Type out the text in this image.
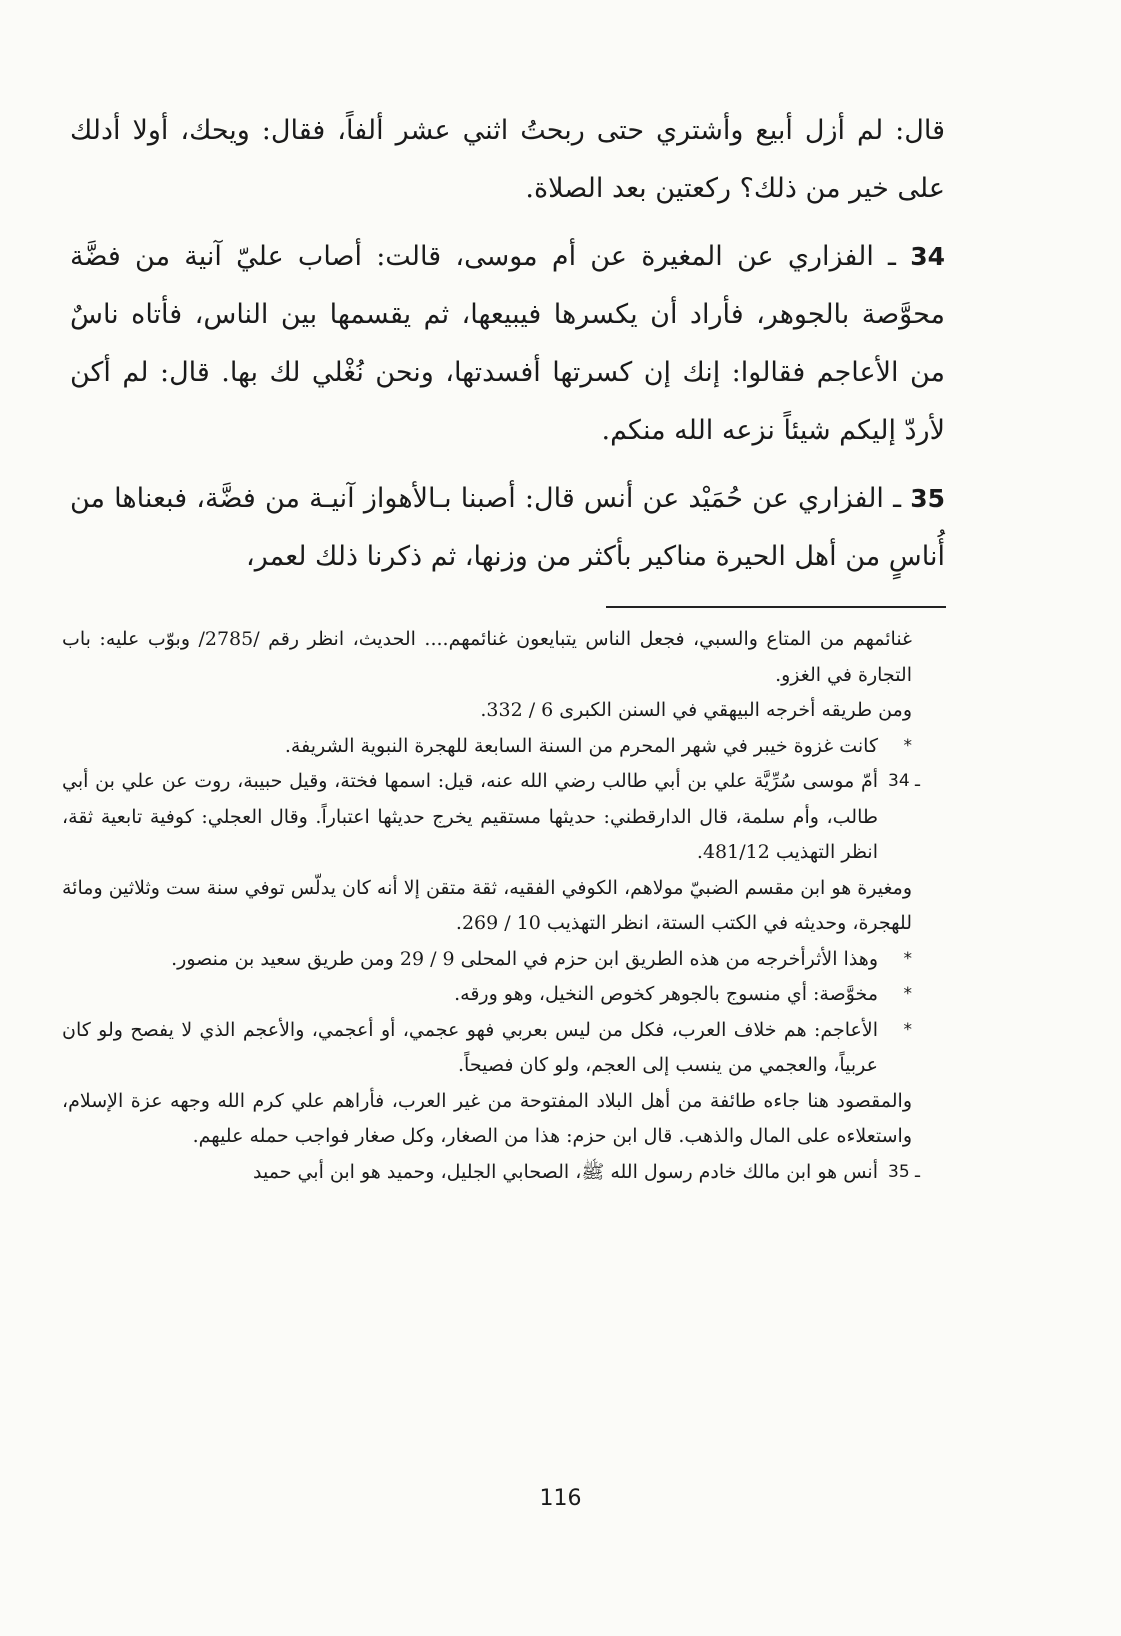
قال: لم أزل أبيع وأشتري حتى ربحتُ اثني عشر ألفاً، فقال: ويحك، أولا أدلك على خير من ذلك؟ ركعتين بعد الصلاة.

34 ـ الفزاري عن المغيرة عن أم موسى، قالت: أصاب عليّ آنية من فضَّة محوَّصة بالجوهر، فأراد أن يكسرها فيبيعها، ثم يقسمها بين الناس، فأتاه ناسٌ من الأعاجم فقالوا: إنك إن كسرتها أفسدتها، ونحن نُغْلي لك بها. قال: لم أكن لأردّ إليكم شيئاً نزعه الله منكم.

35 ـ الفزاري عن حُمَيْد عن أنس قال: أصبنا بـالأهواز آنيـة من فضَّة، فبعناها من أُناسٍ من أهل الحيرة مناكير بأكثر من وزنها، ثم ذكرنا ذلك لعمر،

غنائمهم من المتاع والسبي، فجعل الناس يتبايعون غنائمهم.... الحديث، انظر رقم /2785/ وبوّب عليه: باب التجارة في الغزو.

ومن طريقه أخرجه البيهقي في السنن الكبرى 6 / 332.

*
كانت غزوة خيبر في شهر المحرم من السنة السابعة للهجرة النبوية الشريفة.
34 ـ
أمّ موسى سُرِّيَّة علي بن أبي طالب رضي الله عنه، قيل: اسمها فختة، وقيل حبيبة، روت عن علي بن أبي طالب، وأم سلمة، قال الدارقطني: حديثها مستقيم يخرج حديثها اعتباراً. وقال العجلي: كوفية تابعية ثقة، انظر التهذيب 481/12.

ومغيرة هو ابن مقسم الضبيّ مولاهم، الكوفي الفقيه، ثقة متقن إلا أنه كان يدلّس توفي سنة ست وثلاثين ومائة للهجرة، وحديثه في الكتب الستة، انظر التهذيب 10 / 269.

*
وهذا الأثرأخرجه من هذه الطريق ابن حزم في المحلى 9 / 29 ومن طريق سعيد بن منصور.
*
مخوَّصة: أي منسوج بالجوهر كخوص النخيل، وهو ورقه.
*
الأعاجم: هم خلاف العرب، فكل من ليس بعربي فهو عجمي، أو أعجمي، والأعجم الذي لا يفصح ولو كان عربياً، والعجمي من ينسب إلى العجم، ولو كان فصيحاً.

والمقصود هنا جاءه طائفة من أهل البلاد المفتوحة من غير العرب، فأراهم علي كرم الله وجهه عزة الإسلام، واستعلاءه على المال والذهب. قال ابن حزم: هذا من الصغار، وكل صغار فواجب حمله عليهم.

35 ـ
أنس هو ابن مالك خادم رسول الله ﷺ، الصحابي الجليل، وحميد هو ابن أبي حميد
116
